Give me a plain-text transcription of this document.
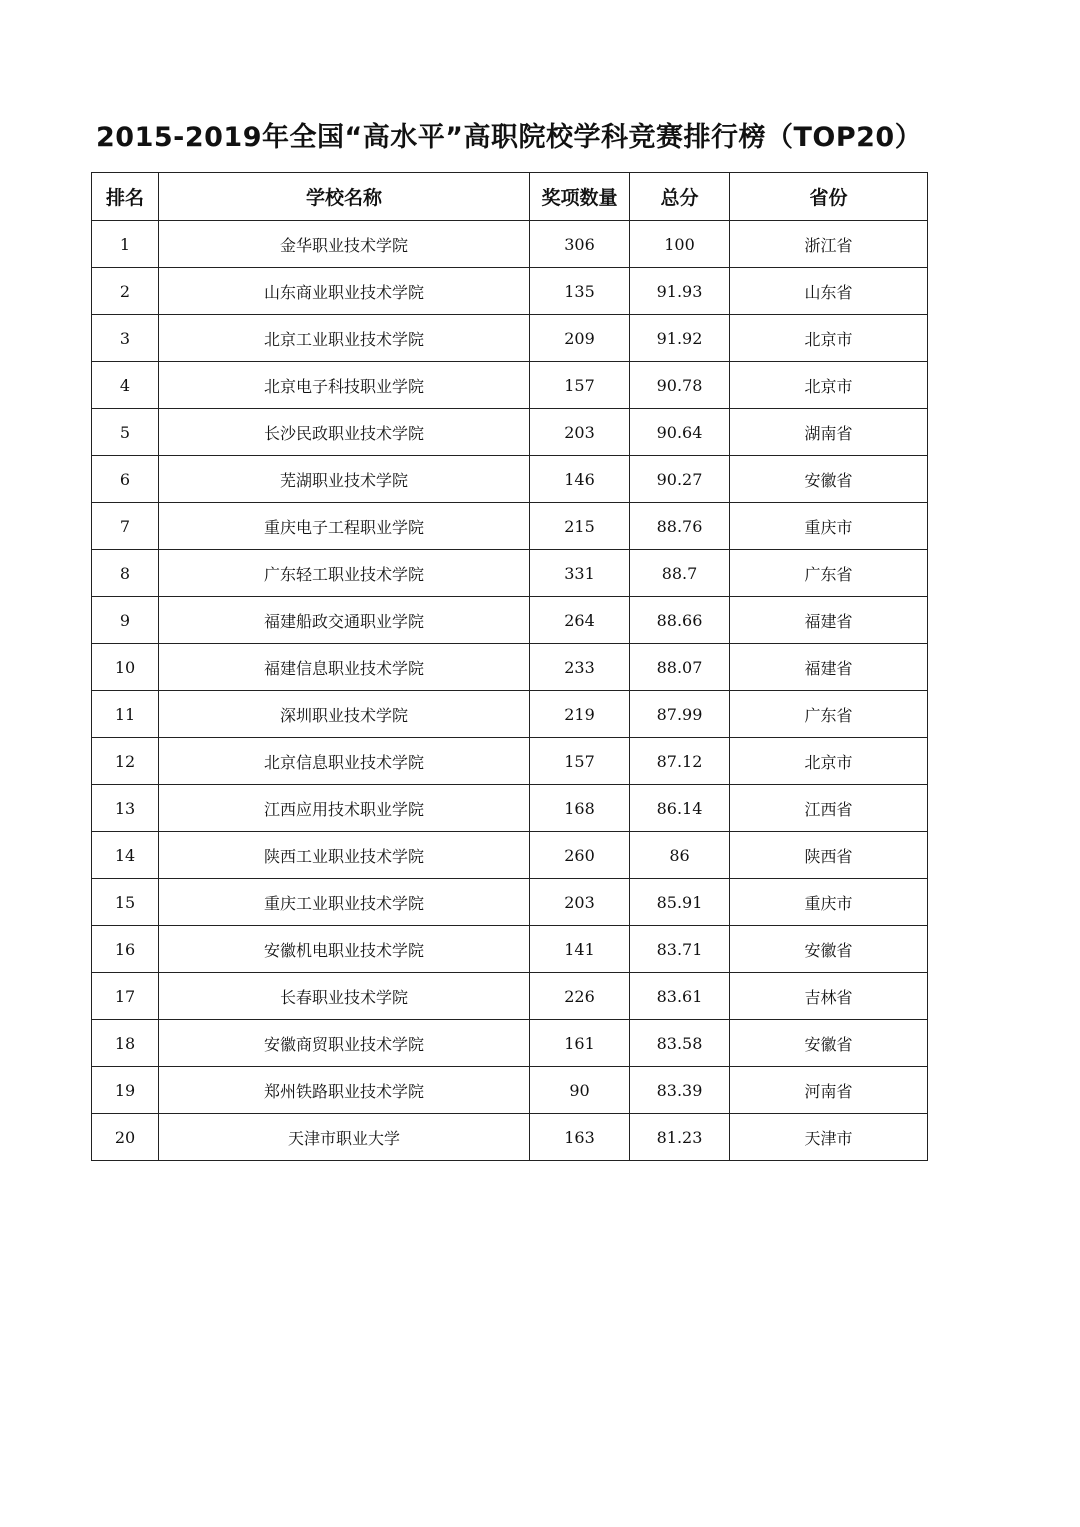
2015-2019年全国“高水平”高职院校学科竞赛排行榜（TOP20）
排名	学校名称	奖项数量	总分	省份
1	金华职业技术学院	306	100	浙江省
2	山东商业职业技术学院	135	91.93	山东省
3	北京工业职业技术学院	209	91.92	北京市
4	北京电子科技职业学院	157	90.78	北京市
5	长沙民政职业技术学院	203	90.64	湖南省
6	芜湖职业技术学院	146	90.27	安徽省
7	重庆电子工程职业学院	215	88.76	重庆市
8	广东轻工职业技术学院	331	88.7	广东省
9	福建船政交通职业学院	264	88.66	福建省
10	福建信息职业技术学院	233	88.07	福建省
11	深圳职业技术学院	219	87.99	广东省
12	北京信息职业技术学院	157	87.12	北京市
13	江西应用技术职业学院	168	86.14	江西省
14	陕西工业职业技术学院	260	86	陕西省
15	重庆工业职业技术学院	203	85.91	重庆市
16	安徽机电职业技术学院	141	83.71	安徽省
17	长春职业技术学院	226	83.61	吉林省
18	安徽商贸职业技术学院	161	83.58	安徽省
19	郑州铁路职业技术学院	90	83.39	河南省
20	天津市职业大学	163	81.23	天津市
